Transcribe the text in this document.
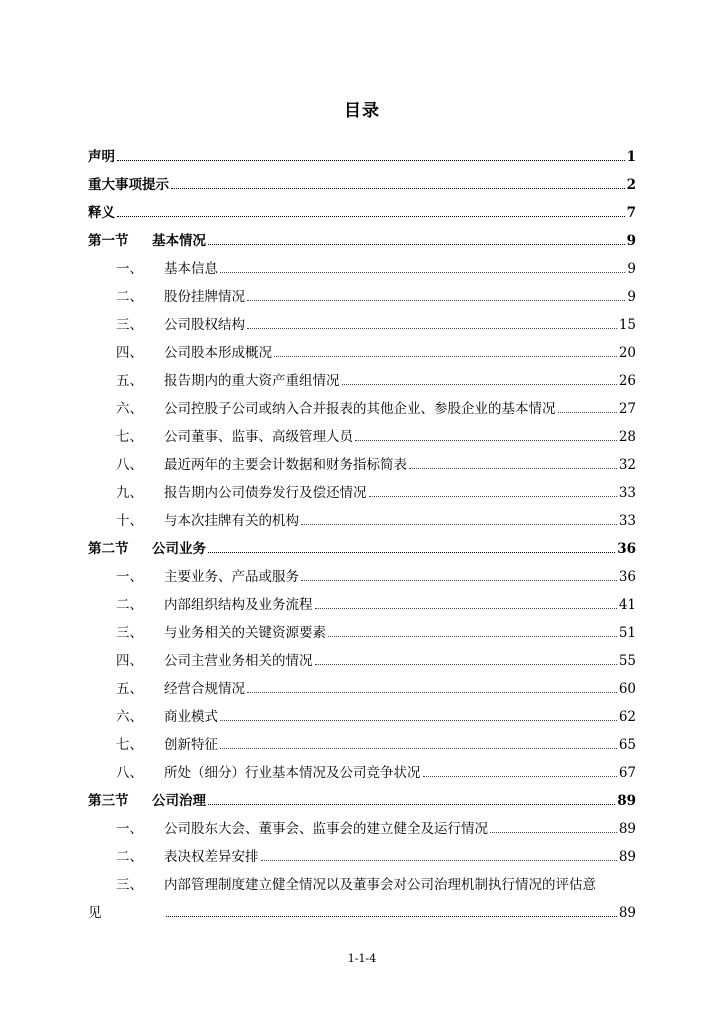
目录
声明	1
重大事项提示	2
释义	7
第一节	基本情况	9
一、	基本信息	9
二、	股份挂牌情况	9
三、	公司股权结构	15
四、	公司股本形成概况	20
五、	报告期内的重大资产重组情况	26
六、	公司控股子公司或纳入合并报表的其他企业、参股企业的基本情况	27
七、	公司董事、监事、高级管理人员	28
八、	最近两年的主要会计数据和财务指标简表	32
九、	报告期内公司债券发行及偿还情况	33
十、	与本次挂牌有关的机构	33
第二节	公司业务	36
一、	主要业务、产品或服务	36
二、	内部组织结构及业务流程	41
三、	与业务相关的关键资源要素	51
四、	公司主营业务相关的情况	55
五、	经营合规情况	60
六、	商业模式	62
七、	创新特征	65
八、	所处（细分）行业基本情况及公司竞争状况	67
第三节	公司治理	89
一、	公司股东大会、董事会、监事会的建立健全及运行情况	89
二、	表决权差异安排	89
三、	内部管理制度建立健全情况以及董事会对公司治理机制执行情况的评估意
见	89
1-1-4
